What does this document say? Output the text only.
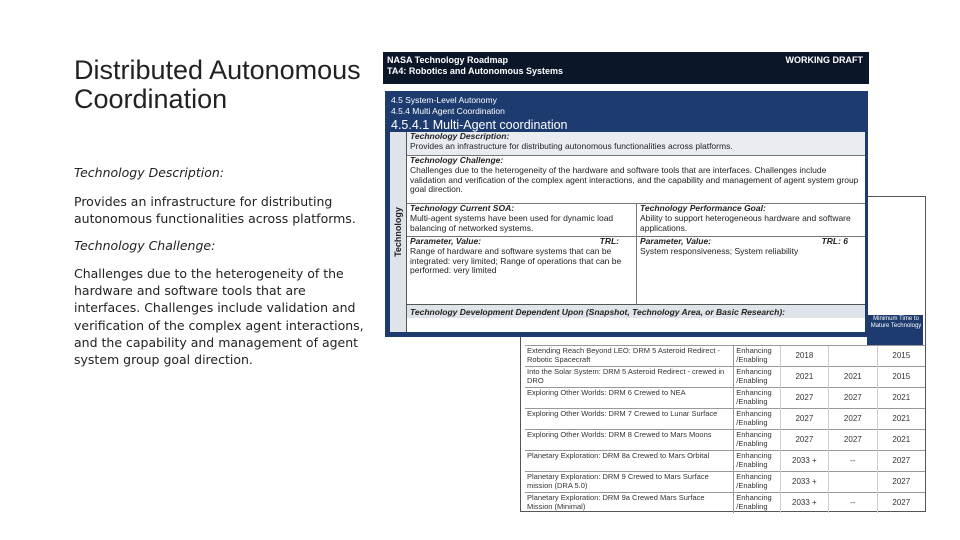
Distributed Autonomous Coordination

Technology Description:

Provides an infrastructure for distributing autonomous functionalities across platforms.

Technology Challenge:

Challenges due to the heterogeneity of the hardware and software tools that are interfaces. Challenges include validation and verification of the complex agent interactions, and the capability and management of agent system group goal direction.

NASA Technology Roadmap
TA4: Robotics and Autonomous Systems
WORKING DRAFT
Minimum Time to Mature Technology
Extending Reach Beyond LEO: DRM 5 Asteroid Redirect - Robotic Spacecraft	Enhancing /Enabling	2018		2015
Into the Solar System: DRM 5 Asteroid Redirect - crewed in DRO	Enhancing /Enabling	2021	2021	2015
Exploring Other Worlds: DRM 6 Crewed to NEA	Enhancing /Enabling	2027	2027	2021
Exploring Other Worlds: DRM 7 Crewed to Lunar Surface	Enhancing /Enabling	2027	2027	2021
Exploring Other Worlds: DRM 8 Crewed to Mars Moons	Enhancing /Enabling	2027	2027	2021
Planetary Exploration: DRM 8a Crewed to Mars Orbital	Enhancing /Enabling	2033 +	--	2027
Planetary Exploration: DRM 9 Crewed to Mars Surface mission (DRA 5.0)	Enhancing /Enabling	2033 +		2027
Planetary Exploration: DRM 9a Crewed Mars Surface Mission (Minimal)	Enhancing /Enabling	2033 +	--	2027
4.5 System-Level Autonomy
4.5.4 Multi Agent Coordination
4.5.4.1 Multi-Agent coordination
Technology
Technology Description:
Provides an infrastructure for distributing autonomous functionalities across platforms.
Technology Challenge:
Challenges due to the heterogeneity of the hardware and software tools that are interfaces. Challenges include validation and verification of the complex agent interactions, and the capability and management of agent system group goal direction.
Technology Current SOA:
Multi-agent systems have been used for dynamic load balancing of networked systems.
Technology Performance Goal:
Ability to support heterogeneous hardware and software applications.
Parameter, Value:	TRL:
Range of hardware and software systems that can be integrated: very limited; Range of operations that can be performed: very limited
Parameter, Value:	TRL: 6
System responsiveness; System reliability
Technology Development Dependent Upon (Snapshot, Technology Area, or Basic Research):
